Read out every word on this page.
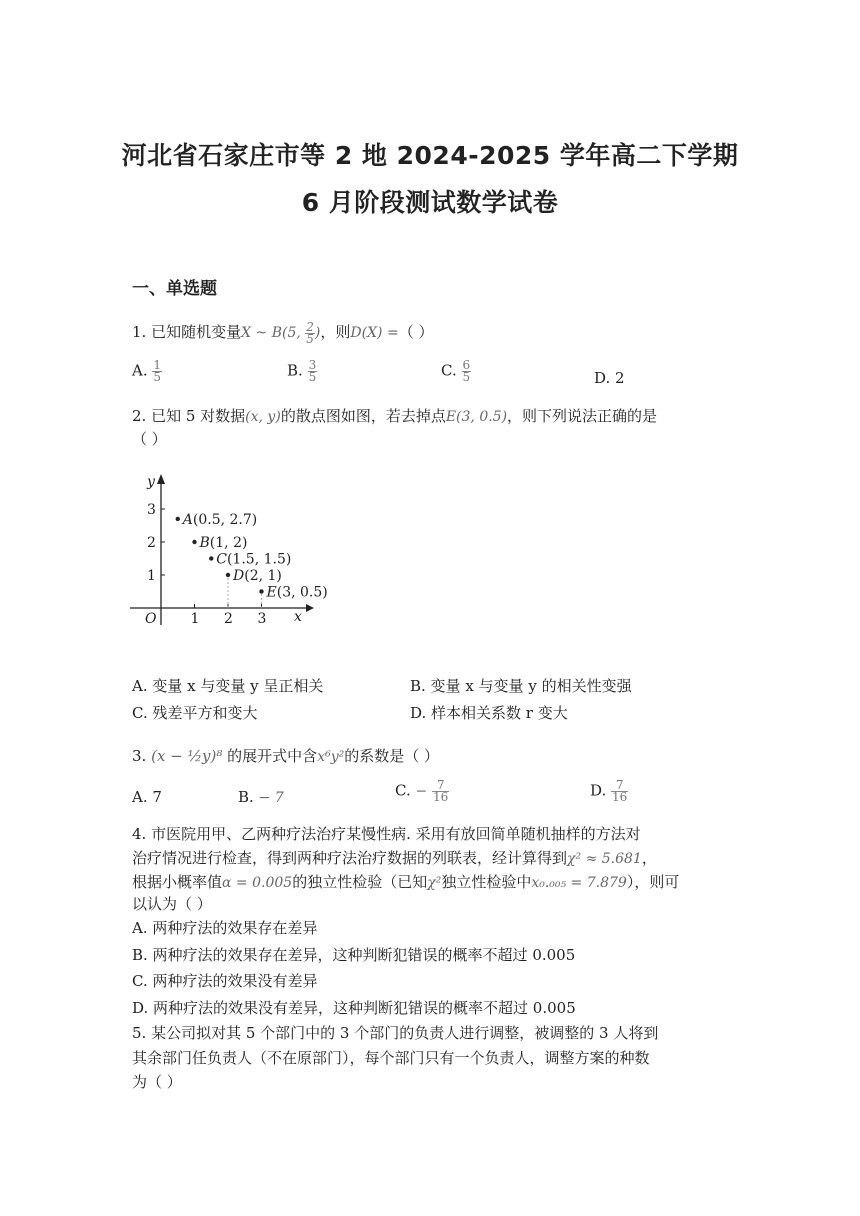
河北省石家庄市等 2 地 2024-2025 学年高二下学期
6 月阶段测试数学试卷
一、单选题
1. 已知随机变量X ~ B(5, $\frac{2}{5}$ )，则D(X) =（ ）
A. $\frac{1}{5}$	B. $\frac{3}{5}$	C. $\frac{6}{5}$	D. 2
2. 已知 5 对数据(x, y)的散点图如图，若去掉点E(3, 0.5)，则下列说法正确的是
（ ）
x
y
O 1 2 3
1
2
3
A(0.5, 2.7)
B(1, 2)
C(1.5, 1.5)
D(2, 1)
E(3, 0.5)
A. 变量 x 与变量 y 呈正相关	B. 变量 x 与变量 y 的相关性变强
C. 残差平方和变大	D. 样本相关系数 r 变大
3. (x − ½y)⁸ 的展开式中含x⁶y²的系数是（ ）
A. 7	B. − 7	C. − $\frac{7}{16}$	D. $\frac{7}{16}$
4. 市医院用甲、乙两种疗法治疗某慢性病. 采用有放回简单随机抽样的方法对
治疗情况进行检查，得到两种疗法治疗数据的列联表，经计算得到χ² ≈ 5.681，
根据小概率值α = 0.005的独立性检验（已知χ²独立性检验中x₀.₀₀₅ = 7.879），则可
以认为（ ）
A. 两种疗法的效果存在差异
B. 两种疗法的效果存在差异，这种判断犯错误的概率不超过 0.005
C. 两种疗法的效果没有差异
D. 两种疗法的效果没有差异，这种判断犯错误的概率不超过 0.005
5. 某公司拟对其 5 个部门中的 3 个部门的负责人进行调整，被调整的 3 人将到
其余部门任负责人（不在原部门），每个部门只有一个负责人，调整方案的种数
为（ ）
